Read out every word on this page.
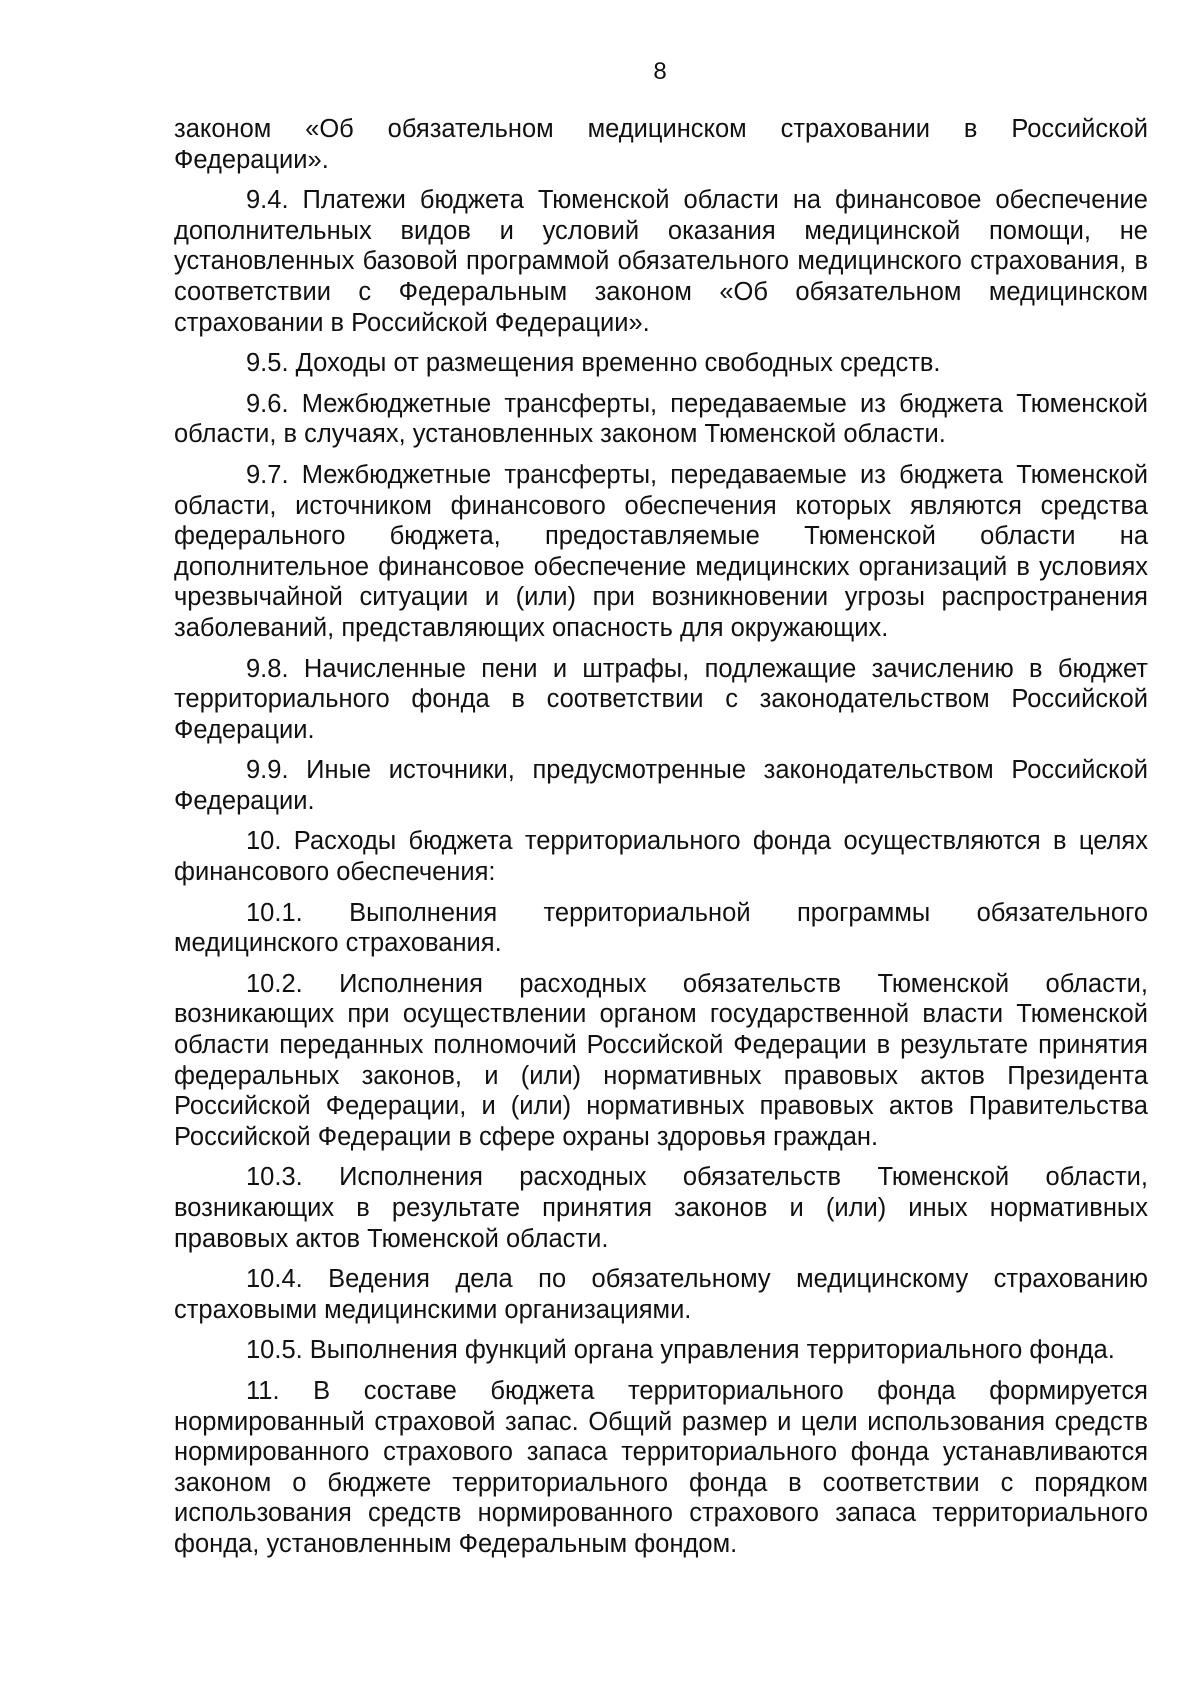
8

законом «Об обязательном медицинском страховании в Российской Федерации».

9.4. Платежи бюджета Тюменской области на финансовое обеспечение дополнительных видов и условий оказания медицинской помощи, не установленных базовой программой обязательного медицинского страхования, в соответствии с Федеральным законом «Об обязательном медицинском страховании в Российской Федерации».

9.5. Доходы от размещения временно свободных средств.

9.6. Межбюджетные трансферты, передаваемые из бюджета Тюменской области, в случаях, установленных законом Тюменской области.

9.7. Межбюджетные трансферты, передаваемые из бюджета Тюменской области, источником финансового обеспечения которых являются средства федерального бюджета, предоставляемые Тюменской области на дополнительное финансовое обеспечение медицинских организаций в условиях чрезвычайной ситуации и (или) при возникновении угрозы распространения заболеваний, представляющих опасность для окружающих.

9.8. Начисленные пени и штрафы, подлежащие зачислению в бюджет территориального фонда в соответствии с законодательством Российской Федерации.

9.9. Иные источники, предусмотренные законодательством Российской Федерации.

10. Расходы бюджета территориального фонда осуществляются в целях финансового обеспечения:

10.1. Выполнения территориальной программы обязательного медицинского страхования.

10.2. Исполнения расходных обязательств Тюменской области, возникающих при осуществлении органом государственной власти Тюменской области переданных полномочий Российской Федерации в результате принятия федеральных законов, и (или) нормативных правовых актов Президента Российской Федерации, и (или) нормативных правовых актов Правительства Российской Федерации в сфере охраны здоровья граждан.

10.3. Исполнения расходных обязательств Тюменской области, возникающих в результате принятия законов и (или) иных нормативных правовых актов Тюменской области.

10.4. Ведения дела по обязательному медицинскому страхованию страховыми медицинскими организациями.

10.5. Выполнения функций органа управления территориального фонда.

11. В составе бюджета территориального фонда формируется нормированный страховой запас. Общий размер и цели использования средств нормированного страхового запаса территориального фонда устанавливаются законом о бюджете территориального фонда в соответствии с порядком использования средств нормированного страхового запаса территориального фонда, установленным Федеральным фондом.
